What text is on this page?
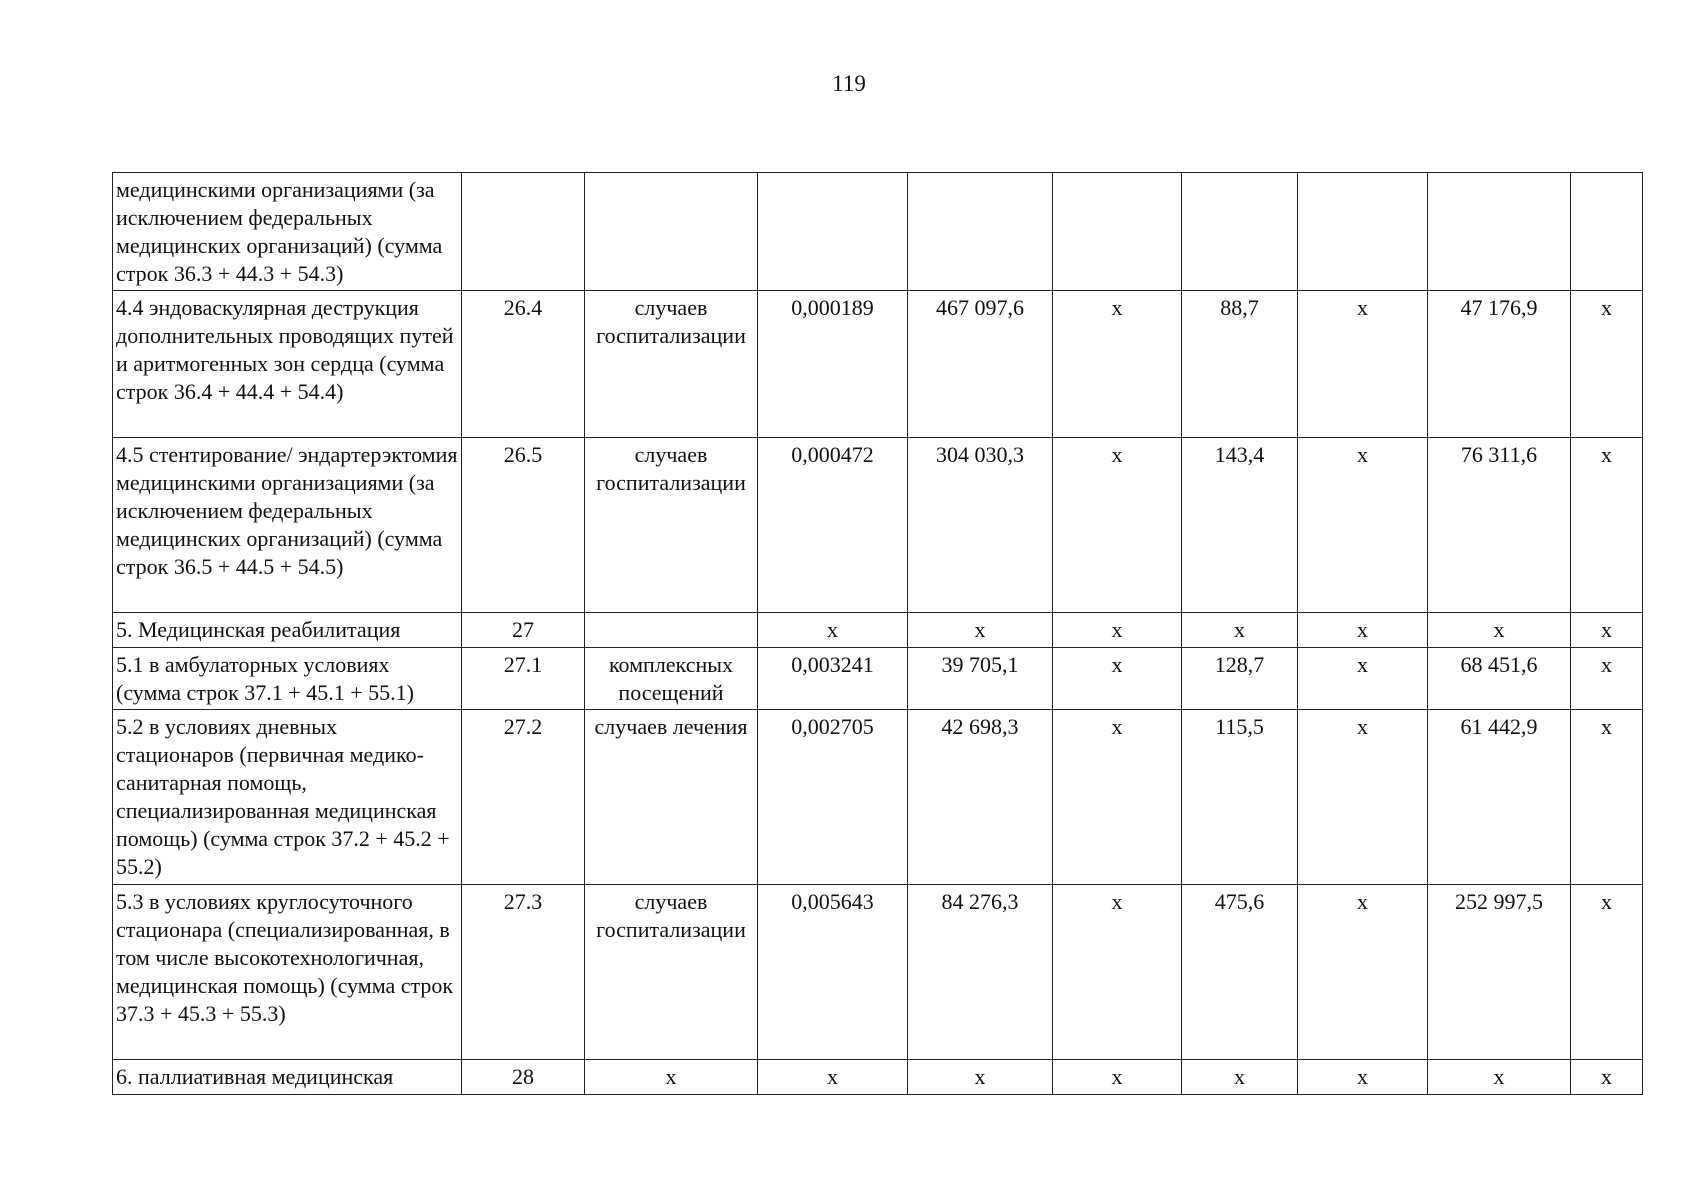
119
медицинскими организациями (за исключением федеральных медицинских организаций) (сумма строк 36.3 + 44.3 + 54.3)									
4.4 эндоваскулярная деструкция дополнительных проводящих путей и аритмогенных зон сердца (сумма строк 36.4 + 44.4 + 54.4)	26.4	случаев госпитализации	0,000189	467 097,6	х	88,7	х	47 176,9	х
4.5 стентирование/ эндартерэктомия медицинскими организациями (за исключением федеральных медицинских организаций) (сумма строк 36.5 + 44.5 + 54.5)	26.5	случаев госпитализации	0,000472	304 030,3	х	143,4	х	76 311,6	х
5. Медицинская реабилитация	27		х	х	х	х	х	х	х
5.1 в амбулаторных условиях (сумма строк 37.1 + 45.1 + 55.1)	27.1	комплексных посещений	0,003241	39 705,1	х	128,7	х	68 451,6	х
5.2 в условиях дневных стационаров (первичная медико-санитарная помощь, специализированная медицинская помощь) (сумма строк 37.2 + 45.2 + 55.2)	27.2	случаев лечения	0,002705	42 698,3	х	115,5	х	61 442,9	х
5.3 в условиях круглосуточного стационара (специализированная, в том числе высокотехнологичная, медицинская помощь) (сумма строк 37.3 + 45.3 + 55.3)	27.3	случаев госпитализации	0,005643	84 276,3	х	475,6	х	252 997,5	х
6. паллиативная медицинская	28	х	х	х	х	х	х	х	х
